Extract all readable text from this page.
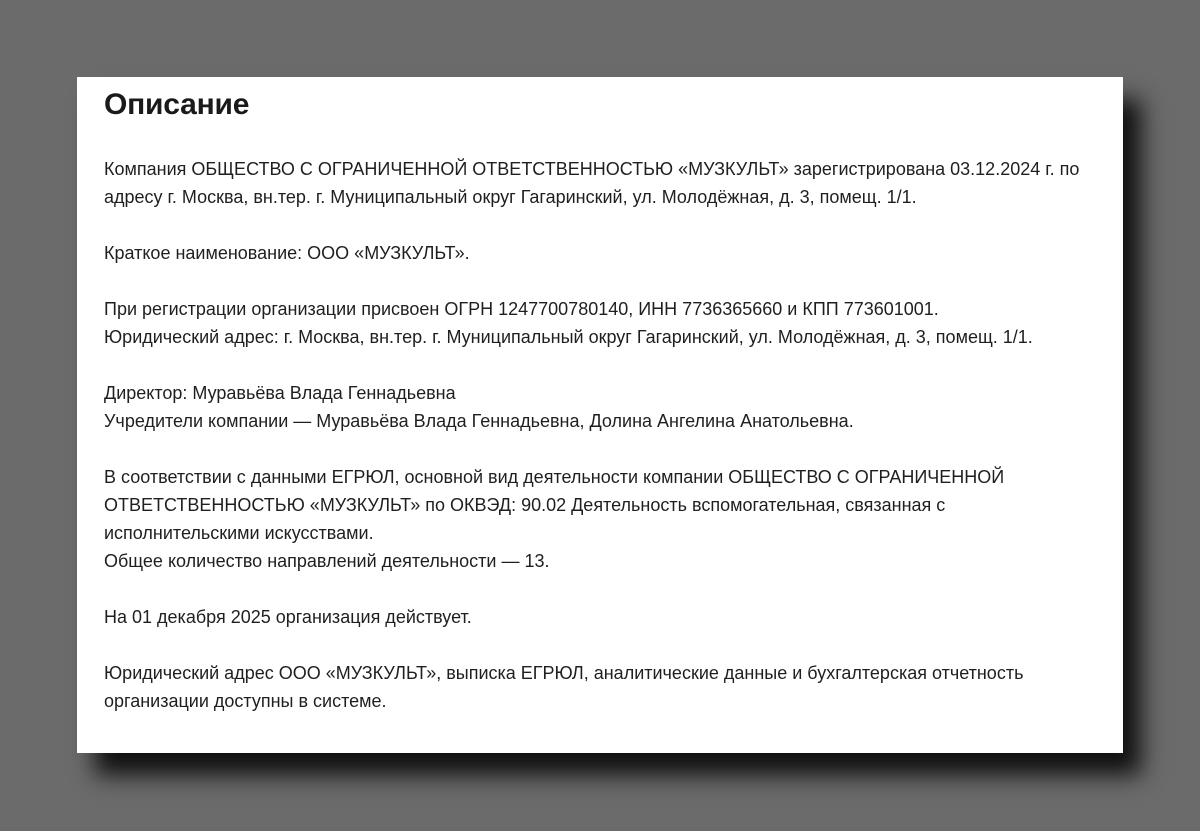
Описание

Компания ОБЩЕСТВО С ОГРАНИЧЕННОЙ ОТВЕТСТВЕННОСТЬЮ «МУЗКУЛЬТ» зарегистрирована 03.12.2024 г. по
адресу г. Москва, вн.тер. г. Муниципальный округ Гагаринский, ул. Молодёжная, д. 3, помещ. 1/1.

Краткое наименование: ООО «МУЗКУЛЬТ».

При регистрации организации присвоен ОГРН 1247700780140, ИНН 7736365660 и КПП 773601001.
Юридический адрес: г. Москва, вн.тер. г. Муниципальный округ Гагаринский, ул. Молодёжная, д. 3, помещ. 1/1.

Директор: Муравьёва Влада Геннадьевна
Учредители компании — Муравьёва Влада Геннадьевна, Долина Ангелина Анатольевна.

В соответствии с данными ЕГРЮЛ, основной вид деятельности компании ОБЩЕСТВО С ОГРАНИЧЕННОЙ
ОТВЕТСТВЕННОСТЬЮ «МУЗКУЛЬТ» по ОКВЭД: 90.02 Деятельность вспомогательная, связанная с
исполнительскими искусствами.
Общее количество направлений деятельности — 13.

На 01 декабря 2025 организация действует.

Юридический адрес ООО «МУЗКУЛЬТ», выписка ЕГРЮЛ, аналитические данные и бухгалтерская отчетность
организации доступны в системе.
